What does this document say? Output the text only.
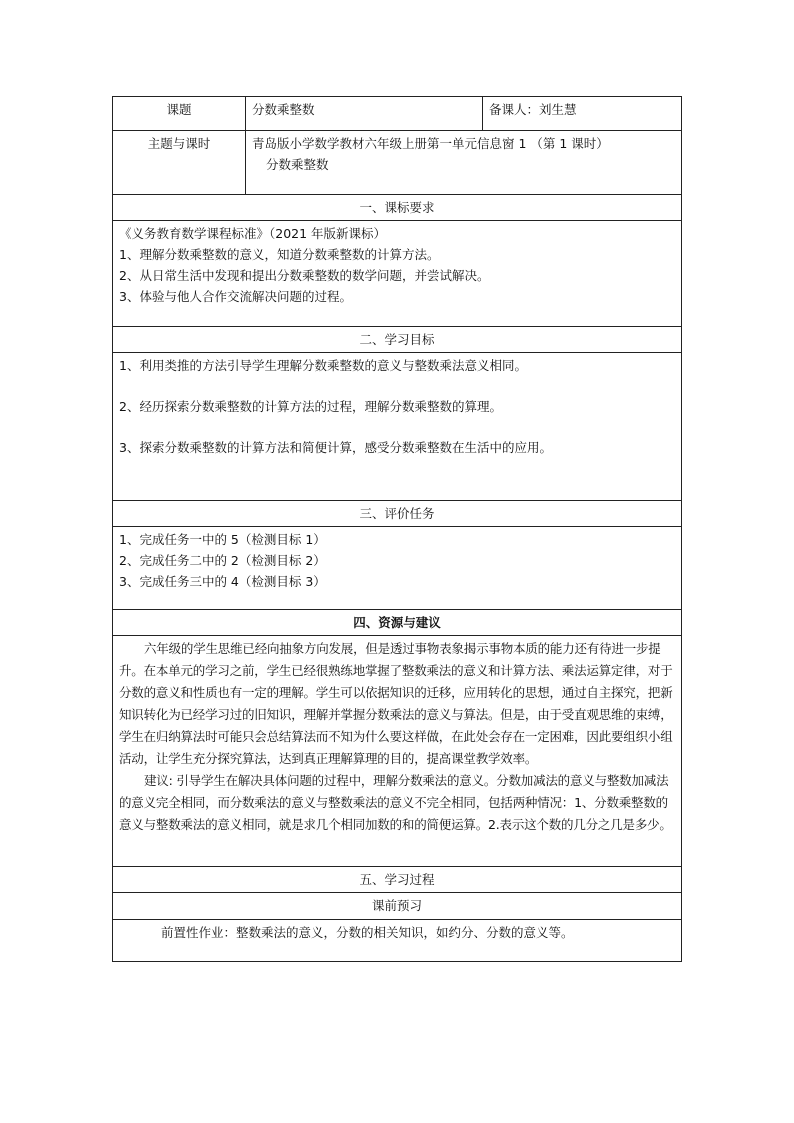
课题	分数乘整数	备课人：刘生慧
主题与课时	青岛版小学数学教材六年级上册第一单元信息窗 1 （第 1 课时）
分数乘整数	

一、课标要求		

《义务教育数学课程标准》（2021 年版新课标）
1、理解分数乘整数的意义，知道分数乘整数的计算方法。
2、从日常生活中发现和提出分数乘整数的数学问题，并尝试解决。
3、体验与他人合作交流解决问题的过程。		

二、学习目标		

1、利用类推的方法引导学生理解分数乘整数的意义与整数乘法意义相同。
2、经历探索分数乘整数的计算方法的过程，理解分数乘整数的算理。
3、探索分数乘整数的计算方法和简便计算，感受分数乘整数在生活中的应用。		

三、评价任务		

1、完成任务一中的 5（检测目标 1）
2、完成任务二中的 2（检测目标 2）
3、完成任务三中的 4（检测目标 3）		

四、资源与建议		

六年级的学生思维已经向抽象方向发展，但是透过事物表象揭示事物本质的能力还有待进一步提升。在本单元的学习之前，学生已经很熟练地掌握了整数乘法的意义和计算方法、乘法运算定律，对于分数的意义和性质也有一定的理解。学生可以依据知识的迁移，应用转化的思想，通过自主探究，把新知识转化为已经学习过的旧知识，理解并掌握分数乘法的意义与算法。但是，由于受直观思维的束缚，学生在归纳算法时可能只会总结算法而不知为什么要这样做，在此处会存在一定困难，因此要组织小组活动，让学生充分探究算法，达到真正理解算理的目的，提高课堂教学效率。
建议: 引导学生在解决具体问题的过程中，理解分数乘法的意义。分数加减法的意义与整数加减法的意义完全相同，而分数乘法的意义与整数乘法的意义不完全相同，包括两种情况：1、分数乘整数的意义与整数乘法的意义相同，就是求几个相同加数的和的简便运算。2.表示这个数的几分之几是多少。		

五、学习过程		
课前预习		
前置性作业：整数乘法的意义，分数的相关知识，如约分、分数的意义等。		
